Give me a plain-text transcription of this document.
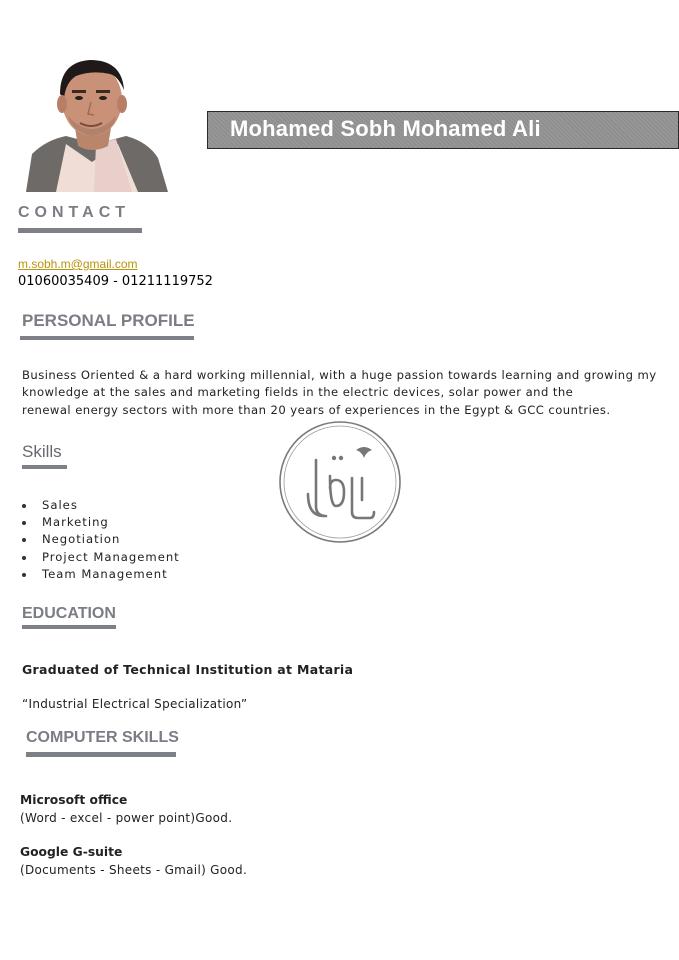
Mohamed Sobh Mohamed Ali
CONTACT
m.sobh.m@gmail.com
01060035409 - 01211119752
PERSONAL PROFILE
Business Oriented & a hard working millennial, with a huge passion towards learning and growing my
knowledge at the sales and marketing fields in the electric devices, solar power and the
renewal energy sectors with more than 20 years of experiences in the Egypt & GCC countries.
Skills
Sales
Marketing
Negotiation
Project Management
Team Management
EDUCATION
Graduated of Technical Institution at Mataria
“Industrial Electrical Specialization”
COMPUTER SKILLS
Microsoft office
(Word - excel - power point)Good.
Google G-suite
(Documents - Sheets - Gmail) Good.
